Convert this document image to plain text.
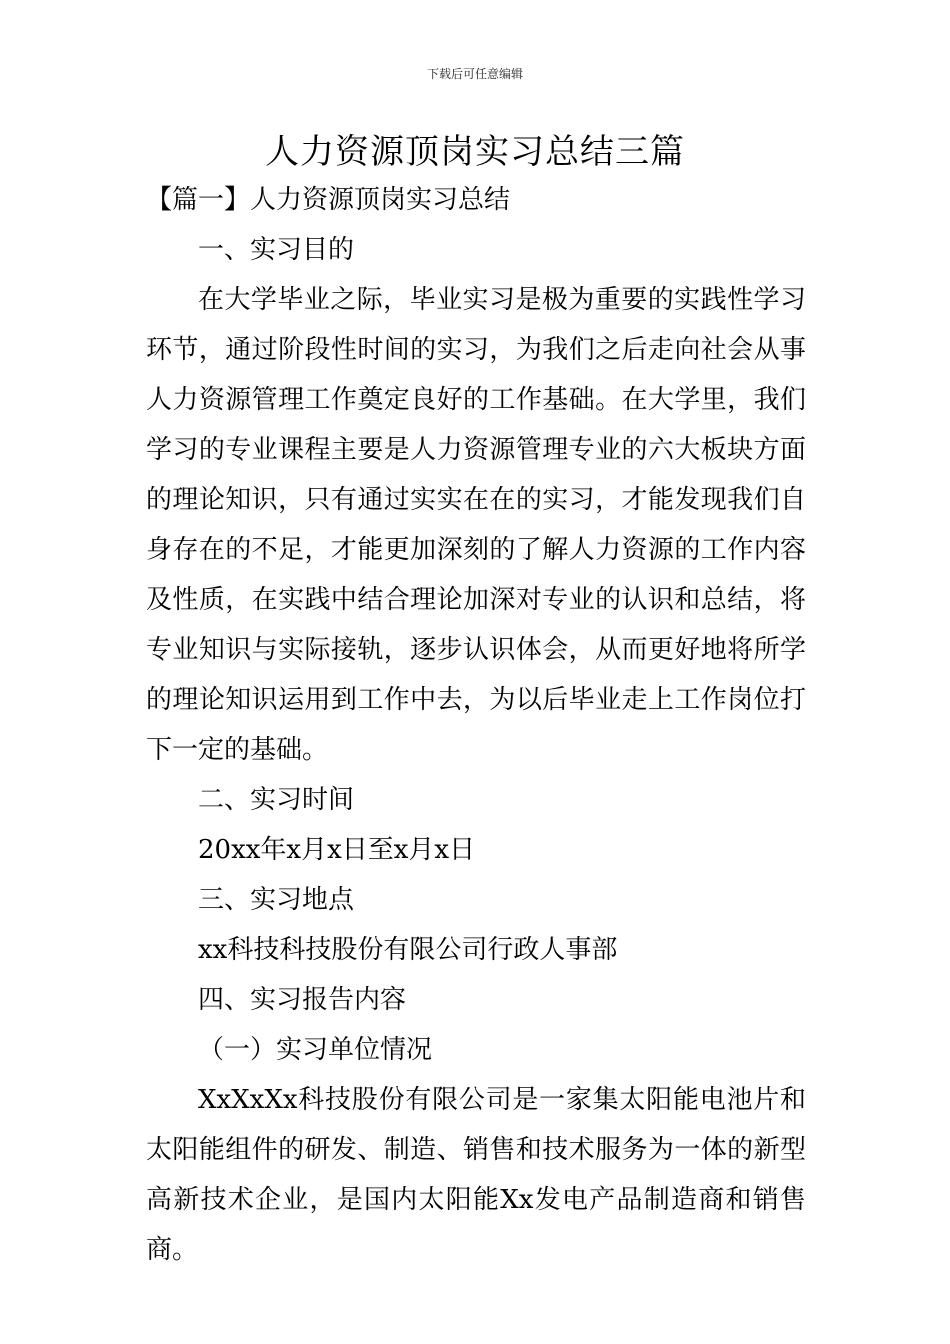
下载后可任意编辑
人力资源顶岗实习总结三篇
【篇一】人力资源顶岗实习总结
一、实习目的

在大学毕业之际，毕业实习是极为重要的实践性学习环节，通过阶段性时间的实习，为我们之后走向社会从事人力资源管理工作奠定良好的工作基础。在大学里，我们学习的专业课程主要是人力资源管理专业的六大板块方面的理论知识，只有通过实实在在的实习，才能发现我们自身存在的不足，才能更加深刻的了解人力资源的工作内容及性质，在实践中结合理论加深对专业的认识和总结，将专业知识与实际接轨，逐步认识体会，从而更好地将所学的理论知识运用到工作中去，为以后毕业走上工作岗位打下一定的基础。

二、实习时间
20xx年x月x日至x月x日
三、实习地点
xx科技科技股份有限公司行政人事部
四、实习报告内容
（一）实习单位情况

XxXxXx科技股份有限公司是一家集太阳能电池片和太阳能组件的研发、制造、销售和技术服务为一体的新型高新技术企业，是国内太阳能Xx发电产品制造商和销售商。
